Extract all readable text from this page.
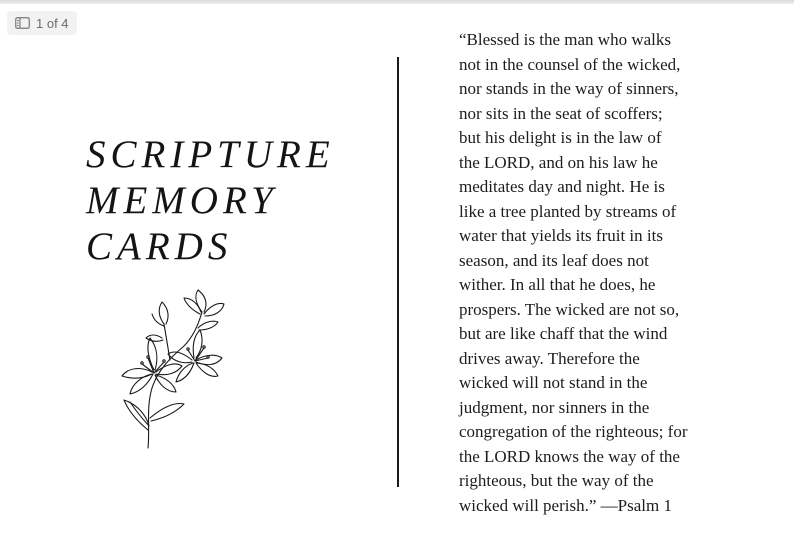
1 of 4
SCRIPTURE
MEMORY
CARDS
“Blessed is the man who walks
not in the counsel of the wicked,
nor stands in the way of sinners,
nor sits in the seat of scoffers;
but his delight is in the law of
the LORD, and on his law he
meditates day and night. He is
like a tree planted by streams of
water that yields its fruit in its
season, and its leaf does not
wither. In all that he does, he
prospers. The wicked are not so,
but are like chaff that the wind
drives away. Therefore the
wicked will not stand in the
judgment, nor sinners in the
congregation of the righteous; for
the LORD knows the way of the
righteous, but the way of the
wicked will perish.” —Psalm 1
